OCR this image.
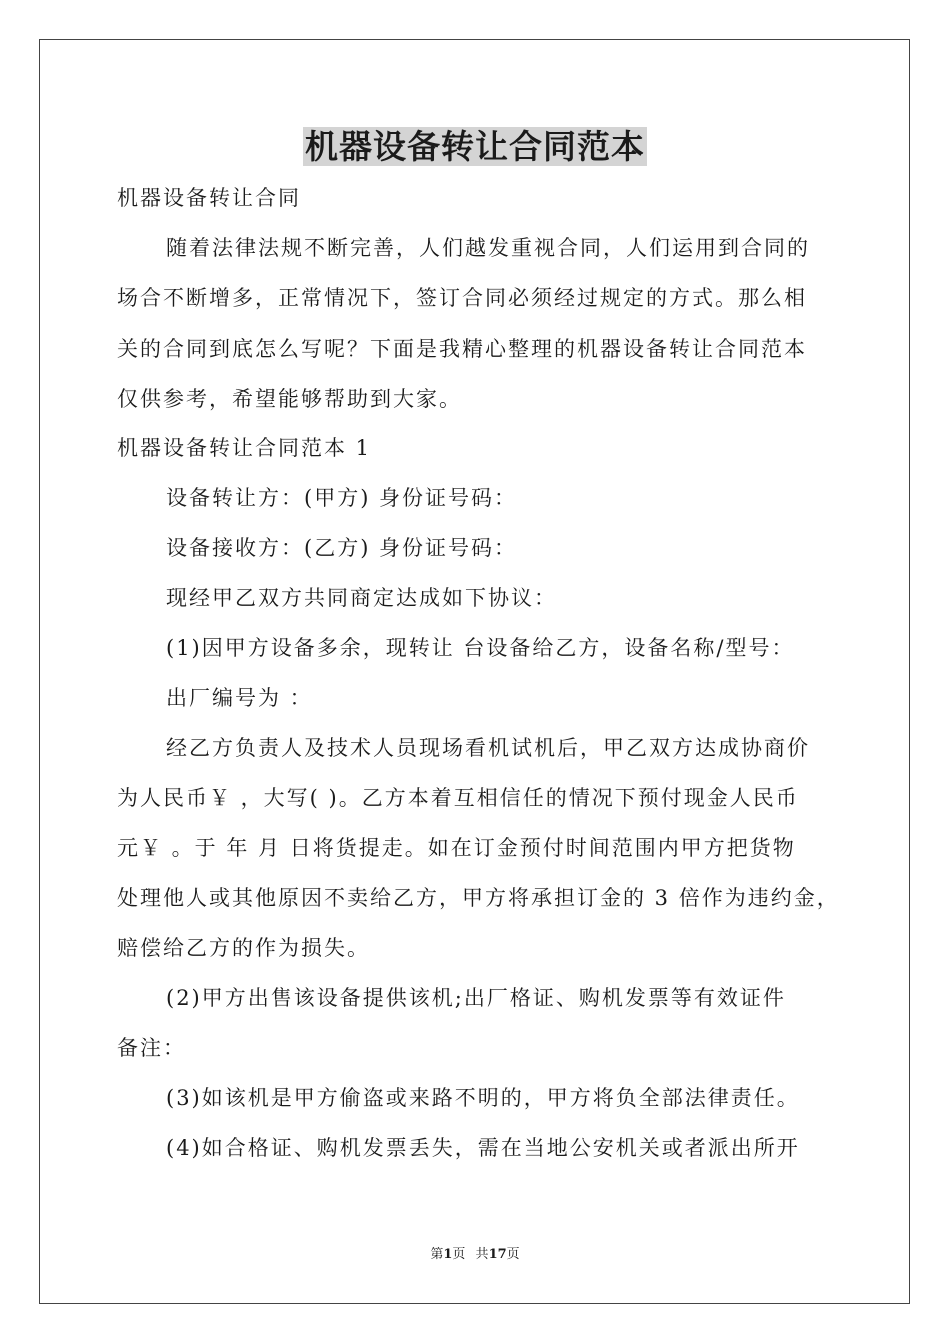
机器设备转让合同范本

机器设备转让合同

随着法律法规不断完善，人们越发重视合同，人们运用到合同的

场合不断增多，正常情况下，签订合同必须经过规定的方式。那么相

关的合同到底怎么写呢？下面是我精心整理的机器设备转让合同范本

仅供参考，希望能够帮助到大家。

机器设备转让合同范本 1

设备转让方：(甲方) 身份证号码：

设备接收方：(乙方) 身份证号码：

现经甲乙双方共同商定达成如下协议：

(1)因甲方设备多余，现转让 台设备给乙方，设备名称/型号：

出厂编号为 ：

经乙方负责人及技术人员现场看机试机后，甲乙双方达成协商价

为人民币￥ ，大写( )。乙方本着互相信任的情况下预付现金人民币

元￥ 。于 年 月 日将货提走。如在订金预付时间范围内甲方把货物

处理他人或其他原因不卖给乙方，甲方将承担订金的 3 倍作为违约金，

赔偿给乙方的作为损失。

(2)甲方出售该设备提供该机;出厂格证、购机发票等有效证件

备注：

(3)如该机是甲方偷盗或来路不明的，甲方将负全部法律责任。

(4)如合格证、购机发票丢失，需在当地公安机关或者派出所开

第1页 共17页
